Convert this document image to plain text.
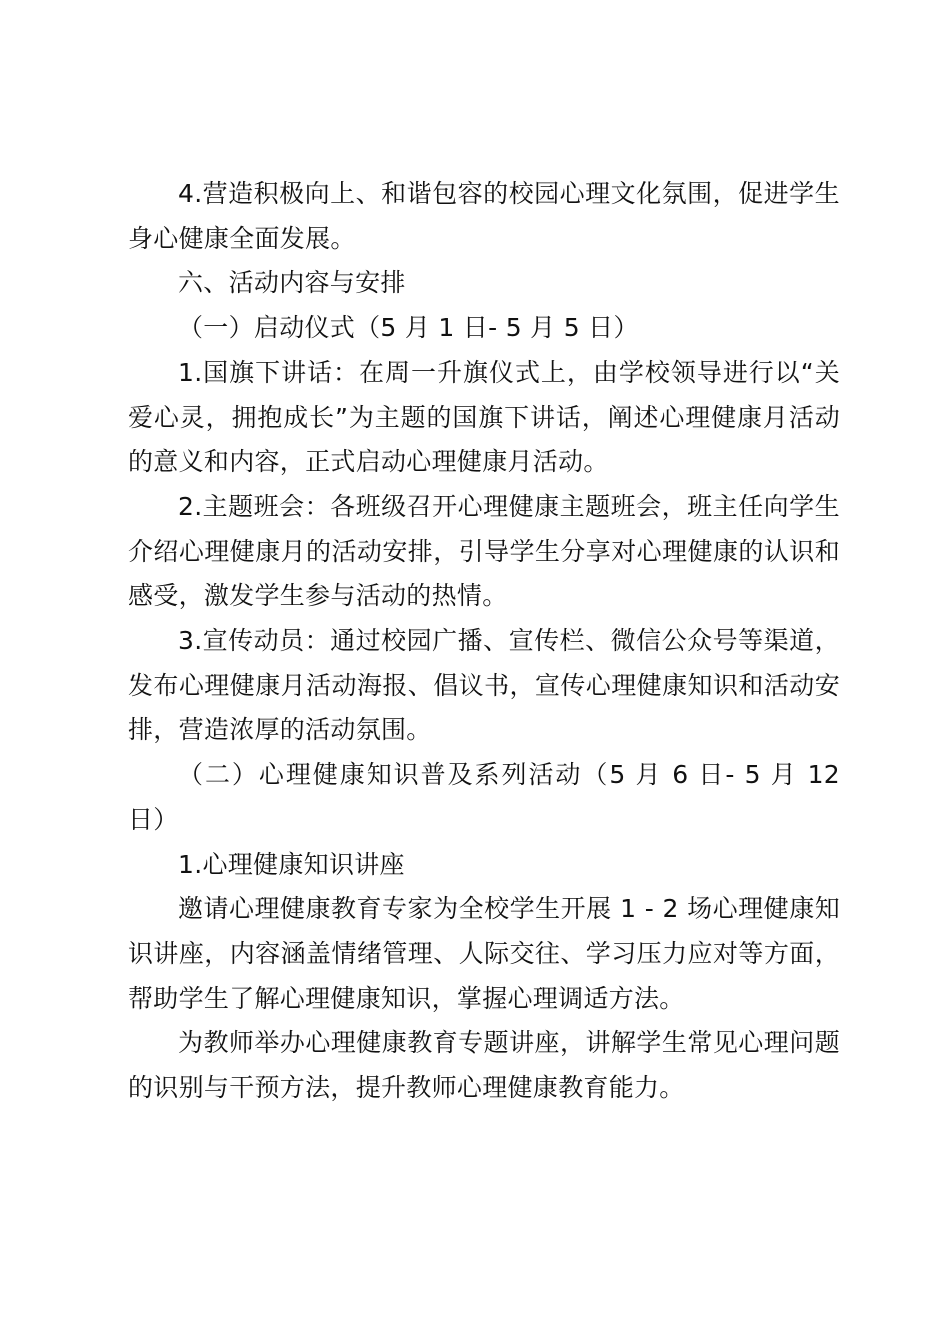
4.营造积极向上、和谐包容的校园心理文化氛围，促进学生身心健康全面发展。

六、活动内容与安排

（一）启动仪式（5 月 1 日- 5 月 5 日）

1.国旗下讲话：在周一升旗仪式上，由学校领导进行以“关爱心灵，拥抱成长”为主题的国旗下讲话，阐述心理健康月活动的意义和内容，正式启动心理健康月活动。

2.主题班会：各班级召开心理健康主题班会，班主任向学生介绍心理健康月的活动安排，引导学生分享对心理健康的认识和感受，激发学生参与活动的热情。

3.宣传动员：通过校园广播、宣传栏、微信公众号等渠道，发布心理健康月活动海报、倡议书，宣传心理健康知识和活动安排，营造浓厚的活动氛围。

（二）心理健康知识普及系列活动（5 月 6 日- 5 月 12 日）

1.心理健康知识讲座

邀请心理健康教育专家为全校学生开展 1 - 2 场心理健康知识讲座，内容涵盖情绪管理、人际交往、学习压力应对等方面，帮助学生了解心理健康知识，掌握心理调适方法。

为教师举办心理健康教育专题讲座，讲解学生常见心理问题的识别与干预方法，提升教师心理健康教育能力。
